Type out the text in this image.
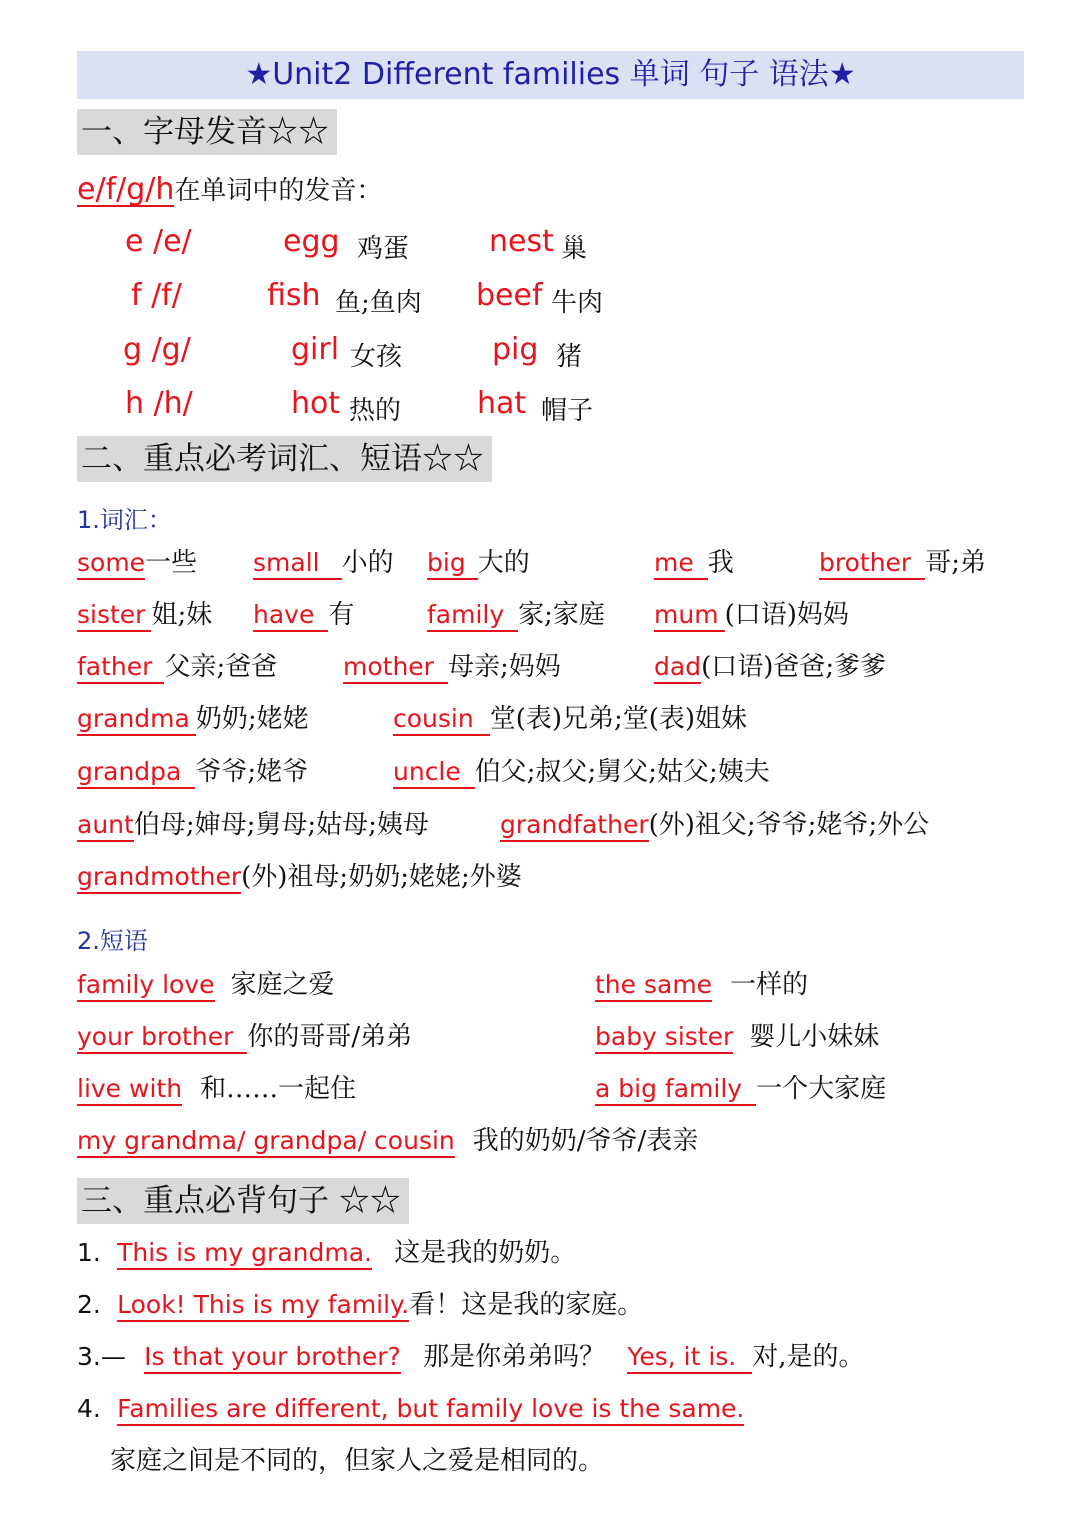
★Unit2 Different families 单词 句子 语法★
一、字母发音☆☆
e/f/g/h在单词中的发音：
e /e/	egg 鸡蛋	nest 巢
f /f/	fish 鱼;鱼肉 beef 牛肉
g /g/	girl 女孩	pig 猪
h /h/	hot 热的	hat 帽子
二、重点必考词汇、短语☆☆
1.词汇：
some一些 small 小的 big 大的	me 我	brother 哥;弟
sister 姐;妹 have 有	family 家;家庭 mum (口语)妈妈
father 父亲;爸爸	mother 母亲;妈妈	dad(口语)爸爸;爹爹
grandma 奶奶;姥姥	cousin 堂(表)兄弟;堂(表)姐妹
grandpa 爷爷;姥爷	uncle 伯父;叔父;舅父;姑父;姨夫
aunt伯母;婶母;舅母;姑母;姨母	grandfather(外)祖父;爷爷;姥爷;外公
grandmother(外)祖母;奶奶;姥姥;外婆
2.短语
family love 家庭之爱	the same 一样的
your brother 你的哥哥/弟弟	baby sister 婴儿小妹妹
live with 和……一起住	a big family 一个大家庭
my grandma/ grandpa/ cousin 我的奶奶/爷爷/表亲
三、重点必背句子 ☆☆
1. This is my grandma. 这是我的奶奶。
2. Look! This is my family.看！这是我的家庭。
3.— Is that your brother? 那是你弟弟吗？ Yes, it is. 对,是的。
4. Families are different, but family love is the same.
家庭之间是不同的，但家人之爱是相同的。
